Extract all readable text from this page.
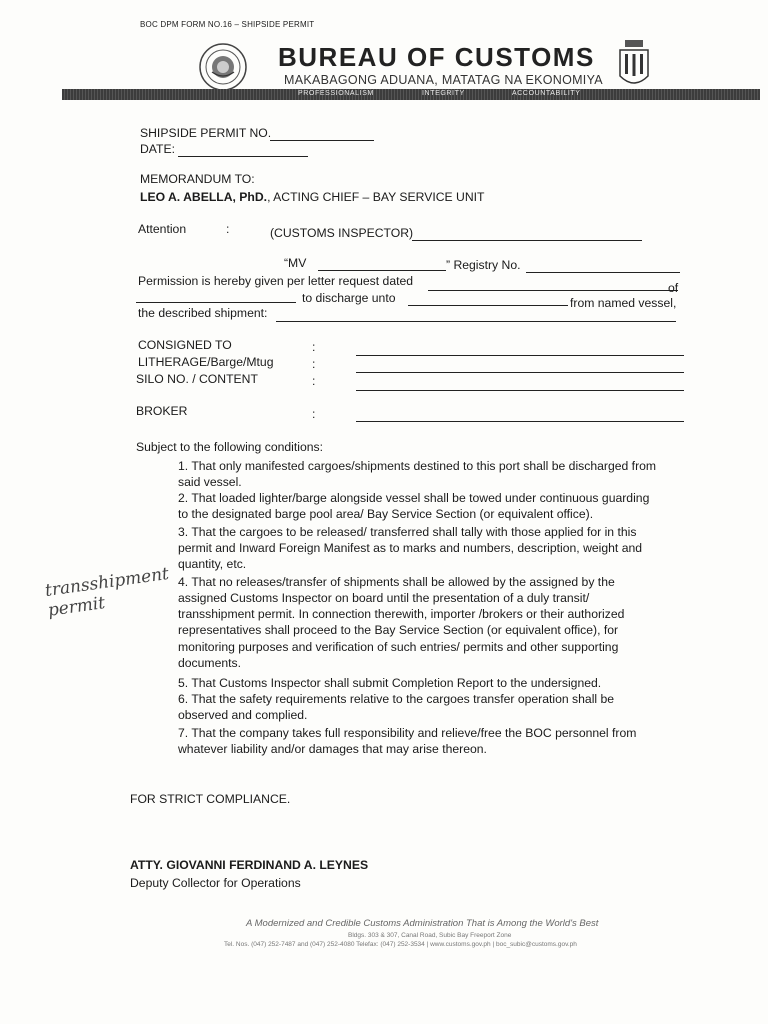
BOC DPM FORM NO.16 – SHIPSIDE PERMIT
BUREAU OF CUSTOMS
MAKABAGONG ADUANA, MATATAG NA EKONOMIYA
PROFESSIONALISM	INTEGRITY	ACCOUNTABILITY
SHIPSIDE PERMIT NO.
DATE:
MEMORANDUM TO:
LEO A. ABELLA, PhD., ACTING CHIEF – BAY SERVICE UNIT
Attention	:	(CUSTOMS INSPECTOR)
“MV	” Registry No.
Permission is hereby given per letter request dated	of
to discharge unto	from named vessel,
the described shipment:
CONSIGNED TO	:
LITHERAGE/Barge/Mtug	:
SILO NO. / CONTENT	:
BROKER	:
Subject to the following conditions:
1. That only manifested cargoes/shipments destined to this port shall be discharged from
said vessel.
2. That loaded lighter/barge alongside vessel shall be towed under continuous guarding
to the designated barge pool area/ Bay Service Section (or equivalent office).
3. That the cargoes to be released/ transferred shall tally with those applied for in this
permit and Inward Foreign Manifest as to marks and numbers, description, weight and
quantity, etc.
4. That no releases/transfer of shipments shall be allowed by the assigned by the
assigned Customs Inspector on board until the presentation of a duly transit/
transshipment permit. In connection therewith, importer /brokers or their authorized
representatives shall proceed to the Bay Service Section (or equivalent office), for
monitoring purposes and verification of such entries/ permits and other supporting
documents.
5. That Customs Inspector shall submit Completion Report to the undersigned.
6. That the safety requirements relative to the cargoes transfer operation shall be
observed and complied.
7. That the company takes full responsibility and relieve/free the BOC personnel from
whatever liability and/or damages that may arise thereon.
transshipment permit
FOR STRICT COMPLIANCE.
ATTY. GIOVANNI FERDINAND A. LEYNES
Deputy Collector for Operations
A Modernized and Credible Customs Administration That is Among the World's Best
Bldgs. 303 & 307, Canal Road, Subic Bay Freeport Zone
Tel. Nos. (047) 252-7487 and (047) 252-4080 Telefax: (047) 252-3534 | www.customs.gov.ph | boc_subic@customs.gov.ph
